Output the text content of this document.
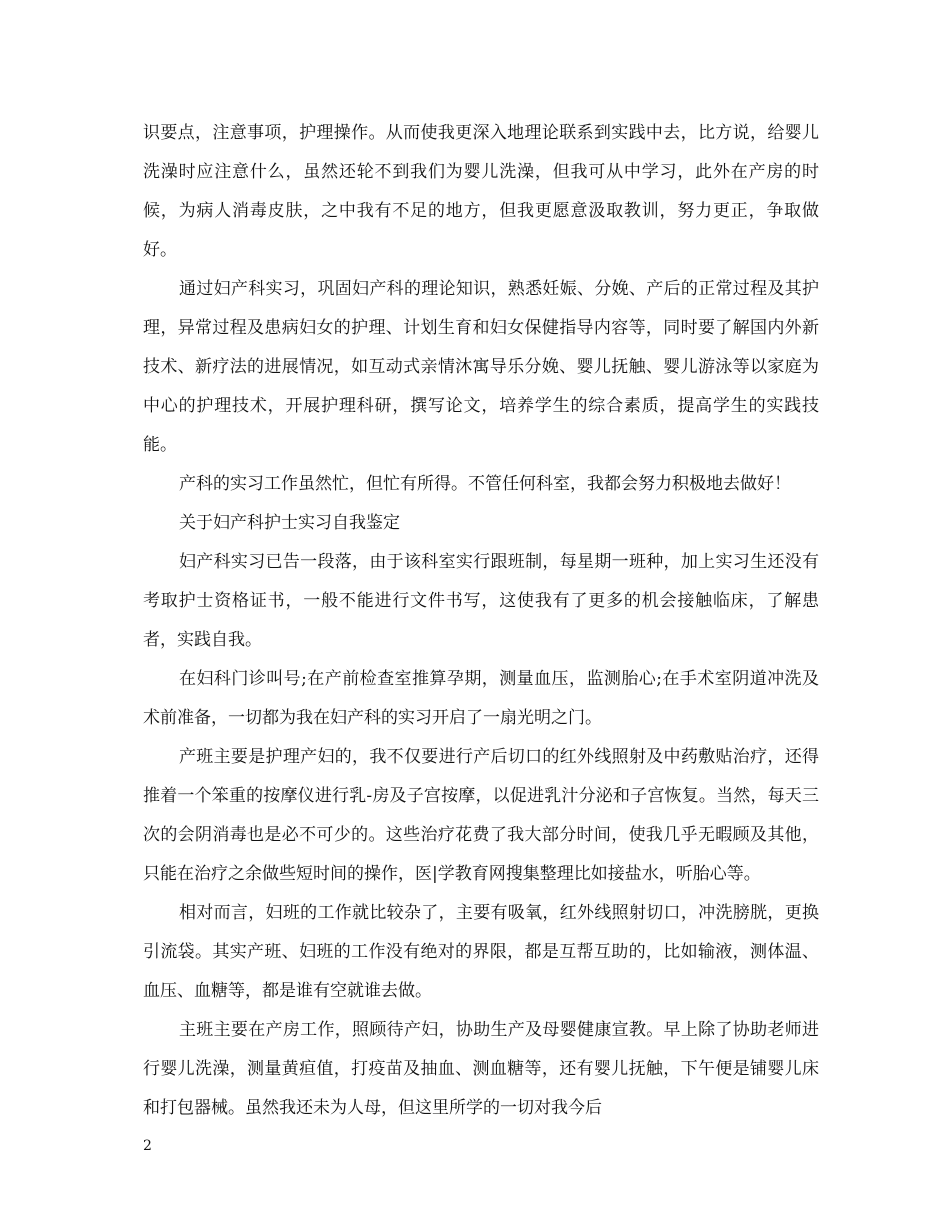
识要点，注意事项，护理操作。从而使我更深入地理论联系到实践中去，比方说，给婴儿洗澡时应注意什么，虽然还轮不到我们为婴儿洗澡，但我可从中学习，此外在产房的时候，为病人消毒皮肤，之中我有不足的地方，但我更愿意汲取教训，努力更正，争取做好。

通过妇产科实习，巩固妇产科的理论知识，熟悉妊娠、分娩、产后的正常过程及其护理，异常过程及患病妇女的护理、计划生育和妇女保健指导内容等，同时要了解国内外新技术、新疗法的进展情况，如互动式亲情沐寓导乐分娩、婴儿抚触、婴儿游泳等以家庭为中心的护理技术，开展护理科研，撰写论文，培养学生的综合素质，提高学生的实践技能。

产科的实习工作虽然忙，但忙有所得。不管任何科室，我都会努力积极地去做好！

关于妇产科护士实习自我鉴定

妇产科实习已告一段落，由于该科室实行跟班制，每星期一班种，加上实习生还没有考取护士资格证书，一般不能进行文件书写，这使我有了更多的机会接触临床，了解患者，实践自我。

在妇科门诊叫号;在产前检查室推算孕期，测量血压，监测胎心;在手术室阴道冲洗及术前准备，一切都为我在妇产科的实习开启了一扇光明之门。

产班主要是护理产妇的，我不仅要进行产后切口的红外线照射及中药敷贴治疗，还得推着一个笨重的按摩仪进行乳-房及子宫按摩，以促进乳汁分泌和子宫恢复。当然，每天三次的会阴消毒也是必不可少的。这些治疗花费了我大部分时间，使我几乎无暇顾及其他，只能在治疗之余做些短时间的操作，医|学教育网搜集整理比如接盐水，听胎心等。

相对而言，妇班的工作就比较杂了，主要有吸氧，红外线照射切口，冲洗膀胱，更换引流袋。其实产班、妇班的工作没有绝对的界限，都是互帮互助的，比如输液，测体温、血压、血糖等，都是谁有空就谁去做。

主班主要在产房工作，照顾待产妇，协助生产及母婴健康宣教。早上除了协助老师进行婴儿洗澡，测量黄疸值，打疫苗及抽血、测血糖等，还有婴儿抚触，下午便是铺婴儿床和打包器械。虽然我还未为人母，但这里所学的一切对我今后

2
